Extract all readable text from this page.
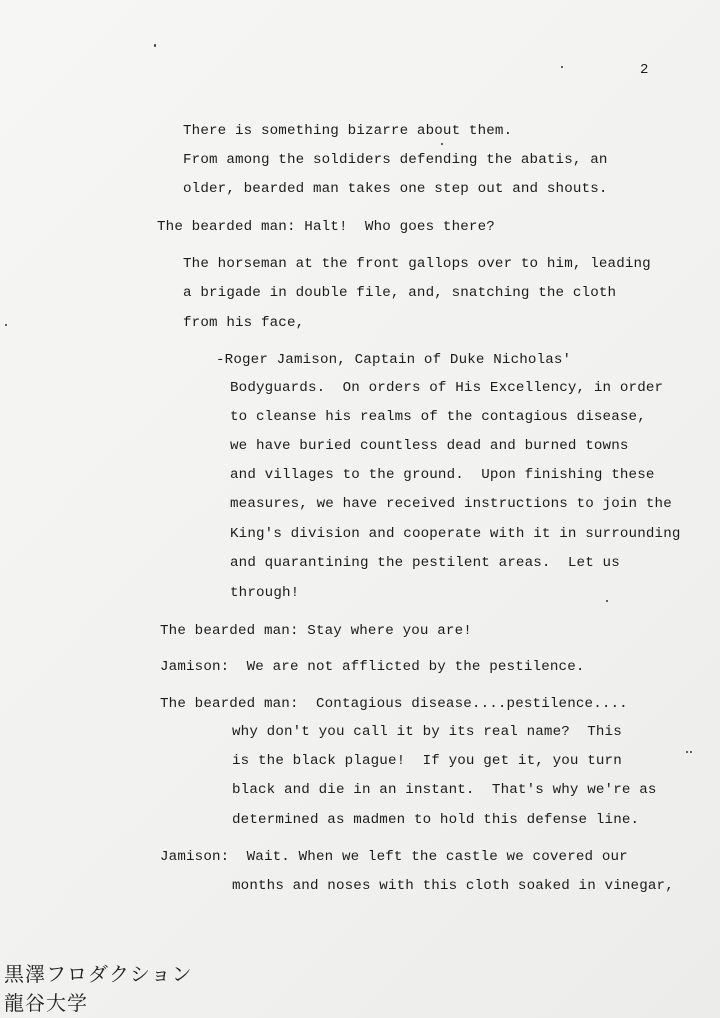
2
There is something bizarre about them.
From among the soldiders defending the abatis, an
older, bearded man takes one step out and shouts.
The bearded man: Halt!  Who goes there?
The horseman at the front gallops over to him, leading
a brigade in double file, and, snatching the cloth
from his face,
-Roger Jamison, Captain of Duke Nicholas'
Bodyguards.  On orders of His Excellency, in order
to cleanse his realms of the contagious disease,
we have buried countless dead and burned towns
and villages to the ground.  Upon finishing these
measures, we have received instructions to join the
King's division and cooperate with it in surrounding
and quarantining the pestilent areas.  Let us
through!
The bearded man: Stay where you are!
Jamison:  We are not afflicted by the pestilence.
The bearded man:  Contagious disease....pestilence....
why don't you call it by its real name?  This
is the black plague!  If you get it, you turn
black and die in an instant.  That's why we're as
determined as madmen to hold this defense line.
Jamison:  Wait. When we left the castle we covered our
months and noses with this cloth soaked in vinegar,
黒澤フロダクション
龍谷大学
